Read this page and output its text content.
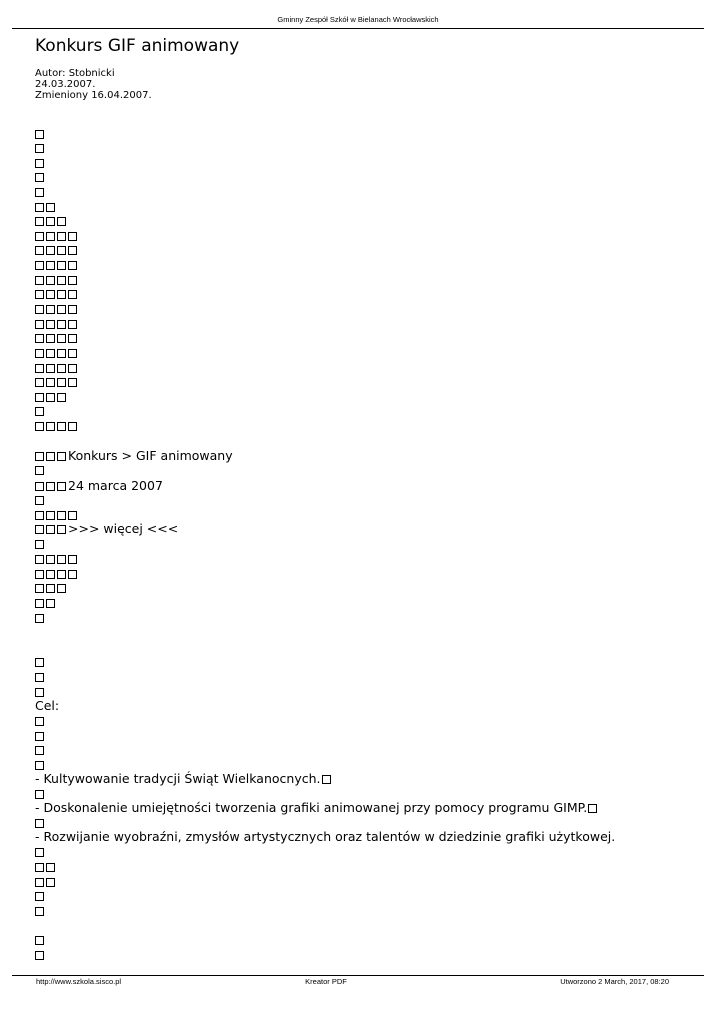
Gminny Zespół Szkół w Bielanach Wrocławskich
Konkurs GIF animowany
Autor: Stobnicki
24.03.2007.
Zmieniony 16.04.2007.
Konkurs > GIF animowany
24 marca 2007
>>> więcej <<<
Cel:
- Kultywowanie tradycji Świąt Wielkanocnych.
- Doskonalenie umiejętności tworzenia grafiki animowanej przy pomocy programu GIMP.
- Rozwijanie wyobraźni, zmysłów artystycznych oraz talentów w dziedzinie grafiki użytkowej.
http://www.szkola.sisco.pl	Kreator PDF	Utworzono 2 March, 2017, 08:20
